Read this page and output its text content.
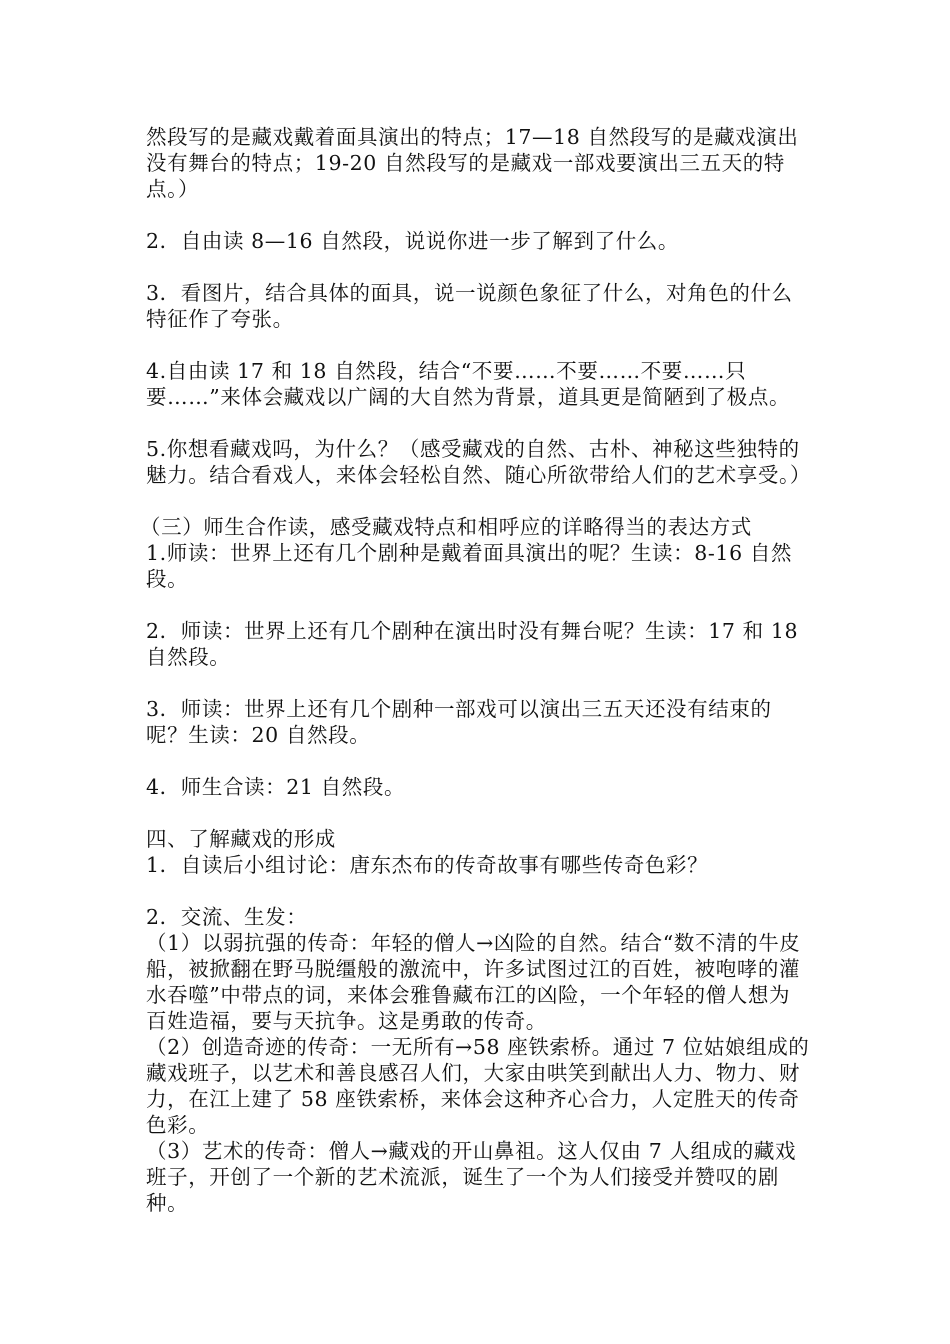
然段写的是藏戏戴着面具演出的特点；17—18 自然段写的是藏戏演出没有舞台的特点；19-20 自然段写的是藏戏一部戏要演出三五天的特点。）

2．自由读 8—16 自然段，说说你进一步了解到了什么。

3．看图片，结合具体的面具，说一说颜色象征了什么，对角色的什么特征作了夸张。

4.自由读 17 和 18 自然段，结合“不要……不要……不要……只要……”来体会藏戏以广阔的大自然为背景，道具更是简陋到了极点。

5.你想看藏戏吗，为什么？（感受藏戏的自然、古朴、神秘这些独特的魅力。结合看戏人，来体会轻松自然、随心所欲带给人们的艺术享受。）

（三）师生合作读，感受藏戏特点和相呼应的详略得当的表达方式

1.师读：世界上还有几个剧种是戴着面具演出的呢？生读：8-16 自然段。

2．师读：世界上还有几个剧种在演出时没有舞台呢？生读：17 和 18 自然段。

3．师读：世界上还有几个剧种一部戏可以演出三五天还没有结束的呢？生读：20 自然段。

4．师生合读：21 自然段。

四、了解藏戏的形成

1．自读后小组讨论：唐东杰布的传奇故事有哪些传奇色彩？

2．交流、生发：

（1）以弱抗强的传奇：年轻的僧人→凶险的自然。结合“数不清的牛皮船，被掀翻在野马脱缰般的激流中，许多试图过江的百姓，被咆哮的灌水吞噬”中带点的词，来体会雅鲁藏布江的凶险，一个年轻的僧人想为百姓造福，要与天抗争。这是勇敢的传奇。

（2）创造奇迹的传奇：一无所有→58 座铁索桥。通过 7 位姑娘组成的藏戏班子，以艺术和善良感召人们，大家由哄笑到献出人力、物力、财力，在江上建了 58 座铁索桥，来体会这种齐心合力，人定胜天的传奇色彩。

（3）艺术的传奇：僧人→藏戏的开山鼻祖。这人仅由 7 人组成的藏戏班子，开创了一个新的艺术流派，诞生了一个为人们接受并赞叹的剧种。
